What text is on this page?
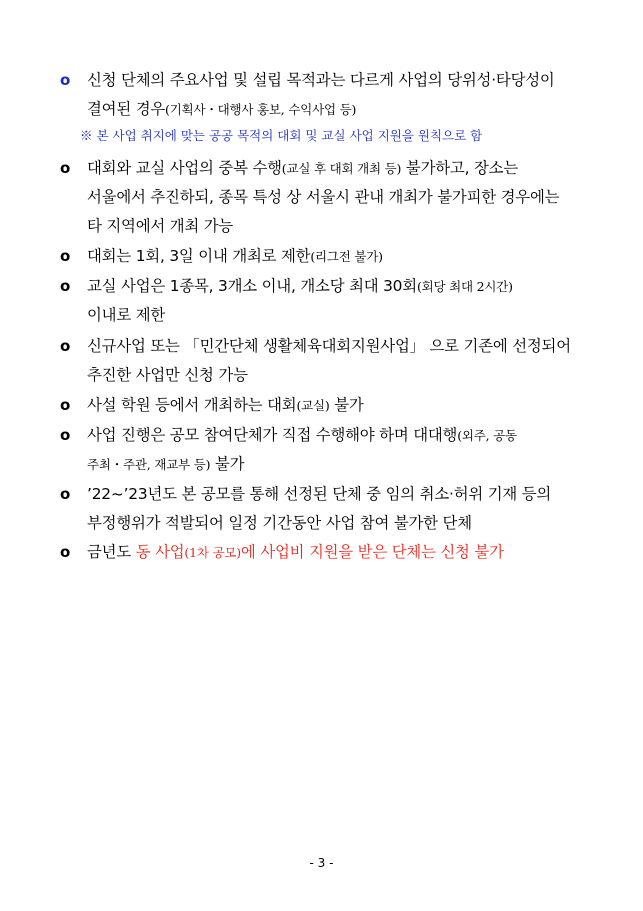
o	신청 단체의 주요사업 및 설립 목적과는 다르게 사업의 당위성·타당성이
결여된 경우(기획사・대행사 홍보, 수익사업 등)
※ 본 사업 취지에 맞는 공공 목적의 대회 및 교실 사업 지원을 원칙으로 함
o	대회와 교실 사업의 중복 수행(교실 후 대회 개최 등) 불가하고, 장소는
서울에서 추진하되, 종목 특성 상 서울시 관내 개최가 불가피한 경우에는
타 지역에서 개최 가능
o	대회는 1회, 3일 이내 개최로 제한(리그전 불가)
o	교실 사업은 1종목, 3개소 이내, 개소당 최대 30회(회당 최대 2시간)
이내로 제한
o	신규사업 또는 「민간단체 생활체육대회지원사업」 으로 기존에 선정되어
추진한 사업만 신청 가능
o	사설 학원 등에서 개최하는 대회(교실) 불가
o	사업 진행은 공모 참여단체가 직접 수행해야 하며 대대행(외주, 공동
주최・주관, 재교부 등) 불가
o	’22~’23년도 본 공모를 통해 선정된 단체 중 임의 취소·허위 기재 등의
부정행위가 적발되어 일정 기간동안 사업 참여 불가한 단체
o	금년도 동 사업(1차 공모)에 사업비 지원을 받은 단체는 신청 불가
- 3 -
